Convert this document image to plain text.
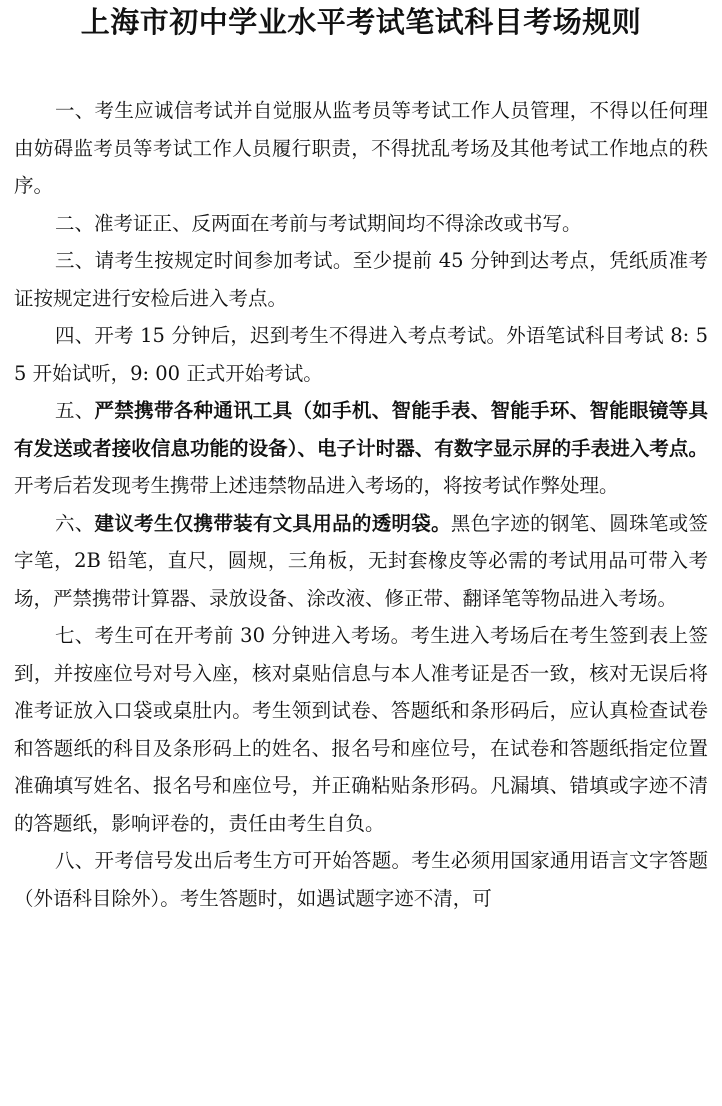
上海市初中学业水平考试笔试科目考场规则

一、考生应诚信考试并自觉服从监考员等考试工作人员管理，不得以任何理由妨碍监考员等考试工作人员履行职责，不得扰乱考场及其他考试工作地点的秩序。

二、准考证正、反两面在考前与考试期间均不得涂改或书写。

三、请考生按规定时间参加考试。至少提前 45 分钟到达考点，凭纸质准考证按规定进行安检后进入考点。

四、开考 15 分钟后，迟到考生不得进入考点考试。外语笔试科目考试 8: 55 开始试听，9: 00 正式开始考试。

五、严禁携带各种通讯工具（如手机、智能手表、智能手环、智能眼镜等具有发送或者接收信息功能的设备）、电子计时器、有数字显示屏的手表进入考点。开考后若发现考生携带上述违禁物品进入考场的，将按考试作弊处理。

六、建议考生仅携带装有文具用品的透明袋。黑色字迹的钢笔、圆珠笔或签字笔，2B 铅笔，直尺，圆规，三角板，无封套橡皮等必需的考试用品可带入考场，严禁携带计算器、录放设备、涂改液、修正带、翻译笔等物品进入考场。

七、考生可在开考前 30 分钟进入考场。考生进入考场后在考生签到表上签到，并按座位号对号入座，核对桌贴信息与本人准考证是否一致，核对无误后将准考证放入口袋或桌肚内。考生领到试卷、答题纸和条形码后，应认真检查试卷和答题纸的科目及条形码上的姓名、报名号和座位号，在试卷和答题纸指定位置准确填写姓名、报名号和座位号，并正确粘贴条形码。凡漏填、错填或字迹不清的答题纸，影响评卷的，责任由考生自负。

八、开考信号发出后考生方可开始答题。考生必须用国家通用语言文字答题（外语科目除外）。考生答题时，如遇试题字迹不清，可
